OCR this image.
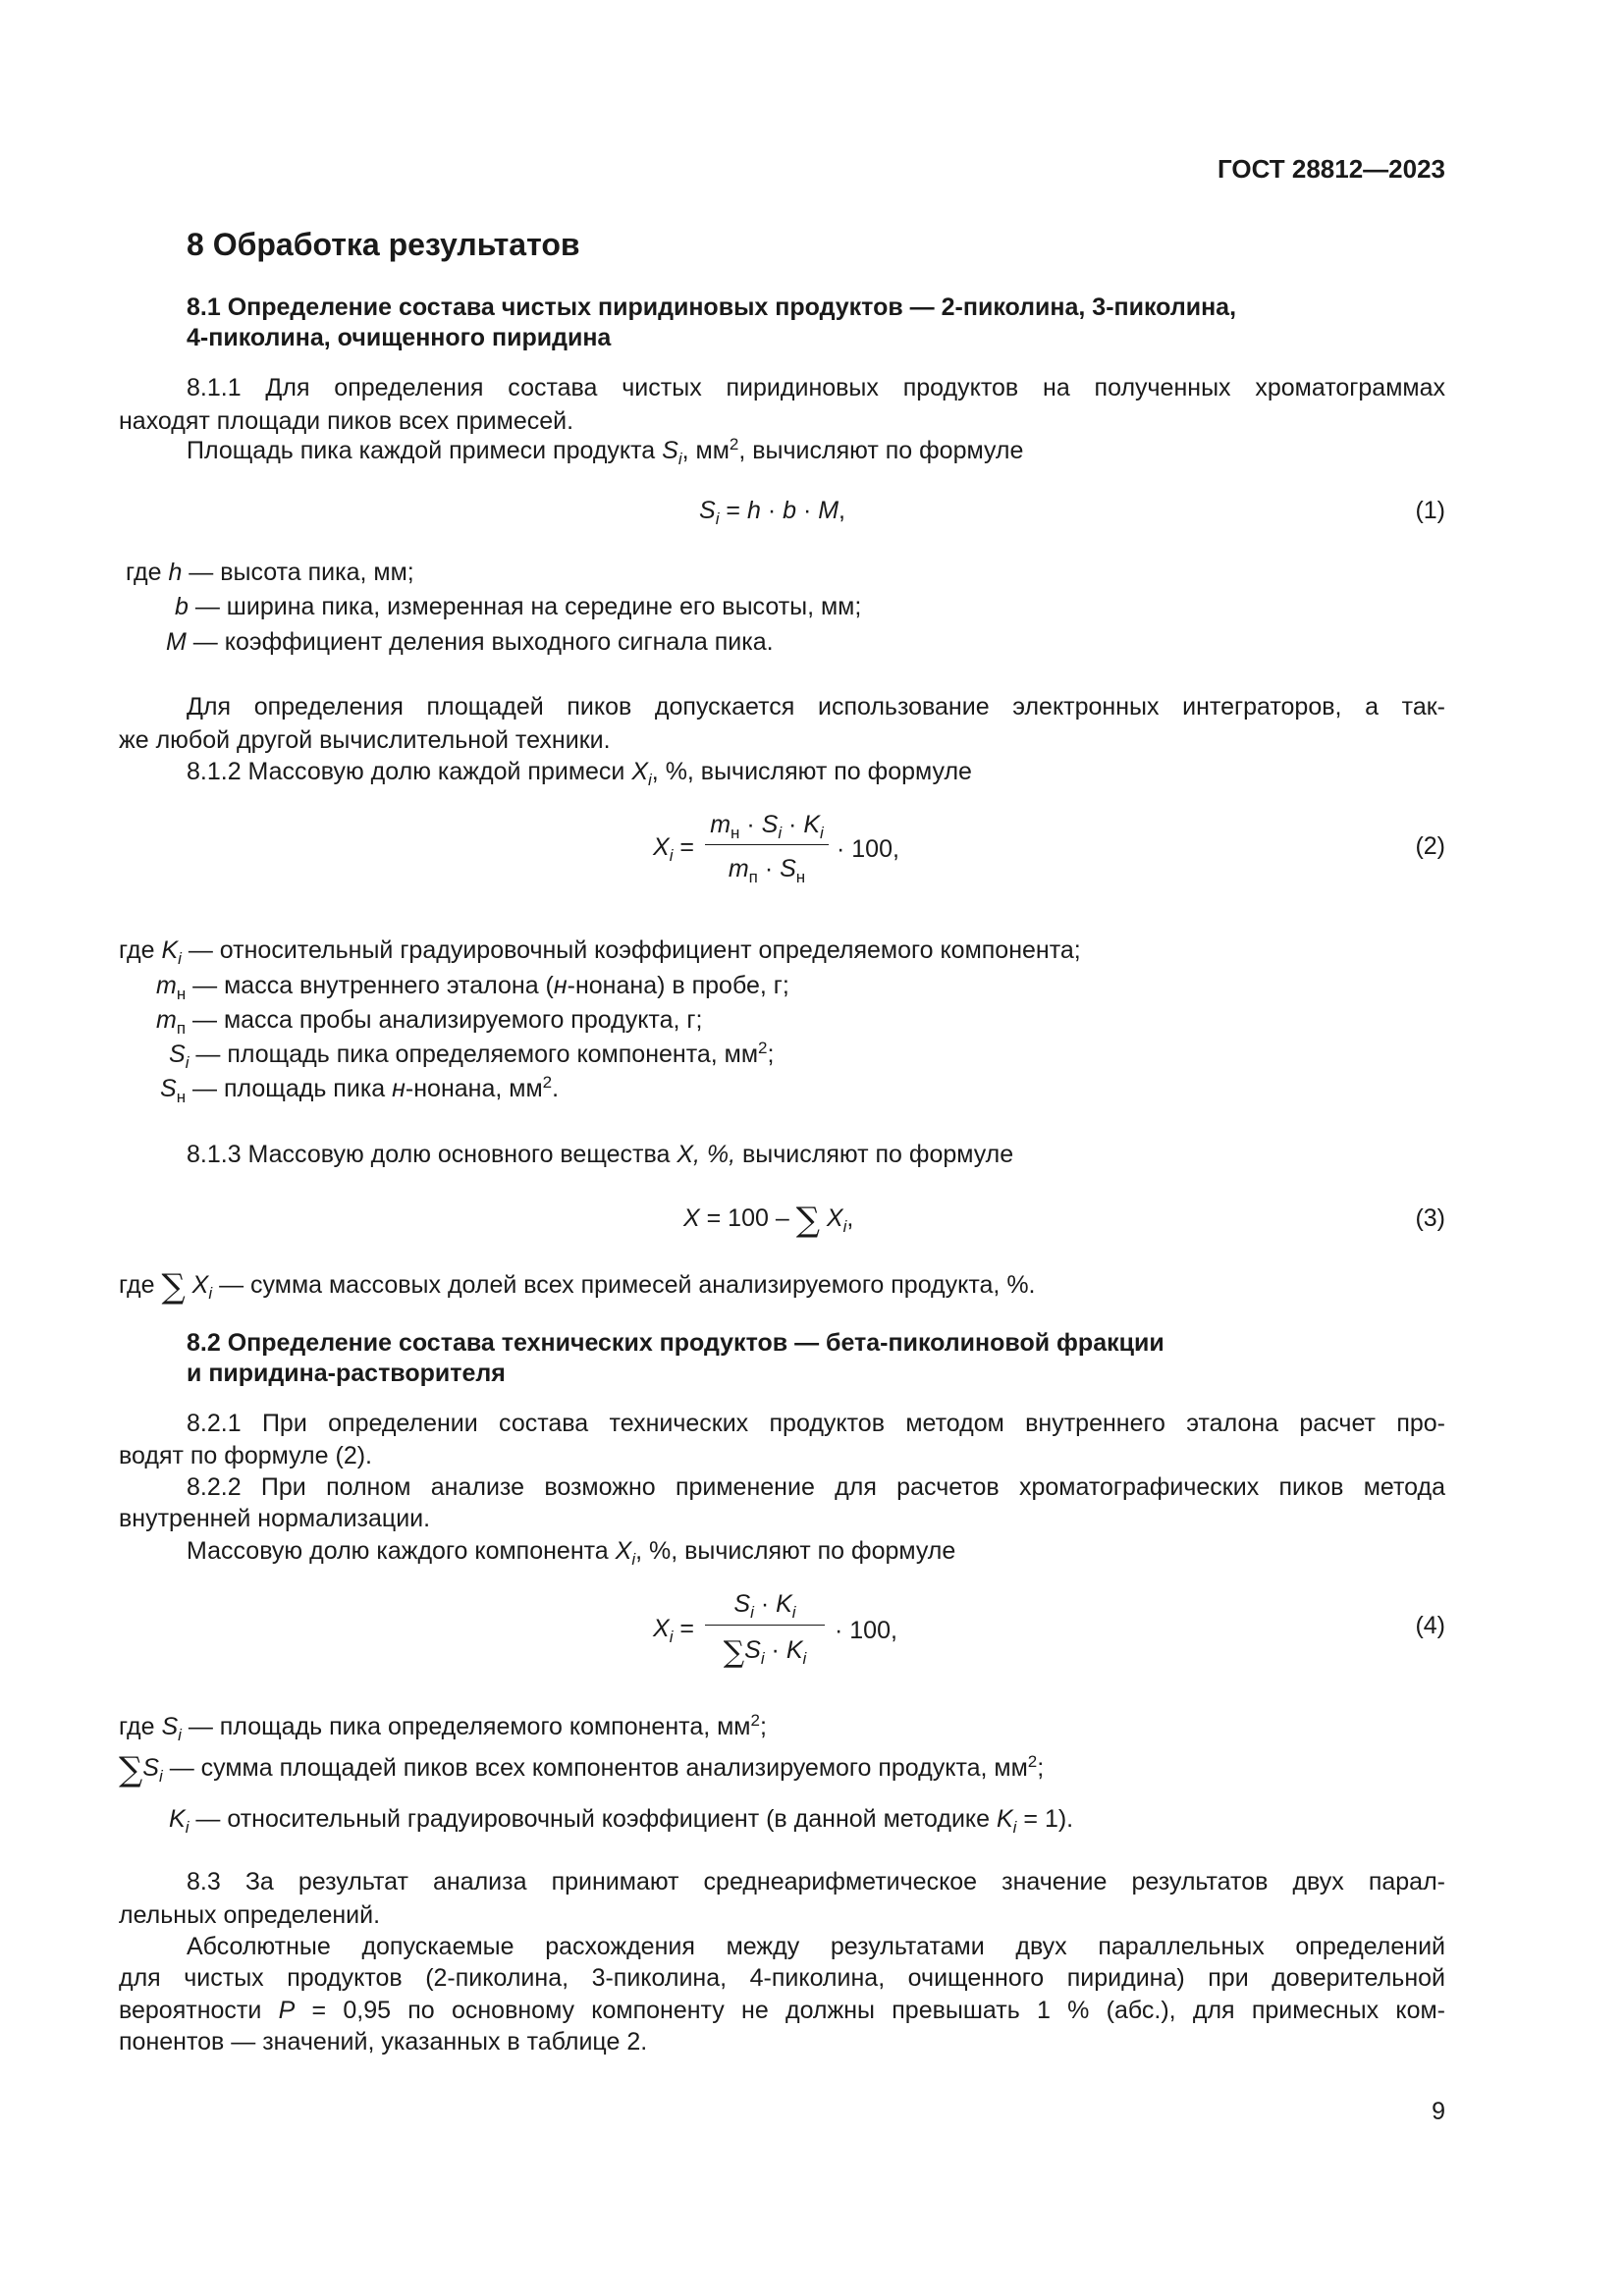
ГОСТ 28812—2023
8 Обработка результатов
8.1 Определение состава чистых пиридиновых продуктов — 2-пиколина, 3-пиколина,
4-пиколина, очищенного пиридина
8.1.1 Для определения состава чистых пиридиновых продуктов на полученных хроматограммах
находят площади пиков всех примесей.
Площадь пика каждой примеси продукта $S_i$, $мм^2$, вычисляют по формуле
$S_i = h \cdot b \cdot M$,	(1)
где h — высота пика, мм;
b — ширина пика, измеренная на середине его высоты, мм;
M — коэффициент деления выходного сигнала пика.
Для определения площадей пиков допускается использование электронных интеграторов, а так-
же любой другой вычислительной техники.
8.1.2 Массовую долю каждой примеси $X_i$, %, вычисляют по формуле
$X_i$ =
$m_н \cdot S_i \cdot K_i$
$m_п \cdot S_н$
· 100,	(2)
где $K_i$ — относительный градуировочный коэффициент определяемого компонента;
$m_н$ — масса внутреннего эталона (н-нонана) в пробе, г;
$m_п$ — масса пробы анализируемого продукта, г;
$S_i$ — площадь пика определяемого компонента, $мм^2$;
$S_н$ — площадь пика н-нонана, $мм^2$.
8.1.3 Массовую долю основного вещества X, %, вычисляют по формуле
X = 100 – ∑ $X_i$,	(3)
где ∑ $X_i$ — сумма массовых долей всех примесей анализируемого продукта, %.
8.2 Определение состава технических продуктов — бета-пиколиновой фракции
и пиридина-растворителя
8.2.1 При определении состава технических продуктов методом внутреннего эталона расчет про-
водят по формуле (2).
8.2.2 При полном анализе возможно применение для расчетов хроматографических пиков метода
внутренней нормализации.
Массовую долю каждого компонента $X_i$, %, вычисляют по формуле
$X_i$ =
$S_i \cdot K_i$
$\sum S_i \cdot K_i$
· 100,	(4)
где $S_i$ — площадь пика определяемого компонента, $мм^2$;
$\sum S_i$ — сумма площадей пиков всех компонентов анализируемого продукта, $мм^2$;
$K_i$ — относительный градуировочный коэффициент (в данной методике $K_i = 1$).
8.3 За результат анализа принимают среднеарифметическое значение результатов двух парал-
лельных определений.
Абсолютные допускаемые расхождения между результатами двух параллельных определений
для чистых продуктов (2-пиколина, 3-пиколина, 4-пиколина, очищенного пиридина) при доверительной
вероятности P = 0,95 по основному компоненту не должны превышать 1 % (абс.), для примесных ком-
понентов — значений, указанных в таблице 2.
9
